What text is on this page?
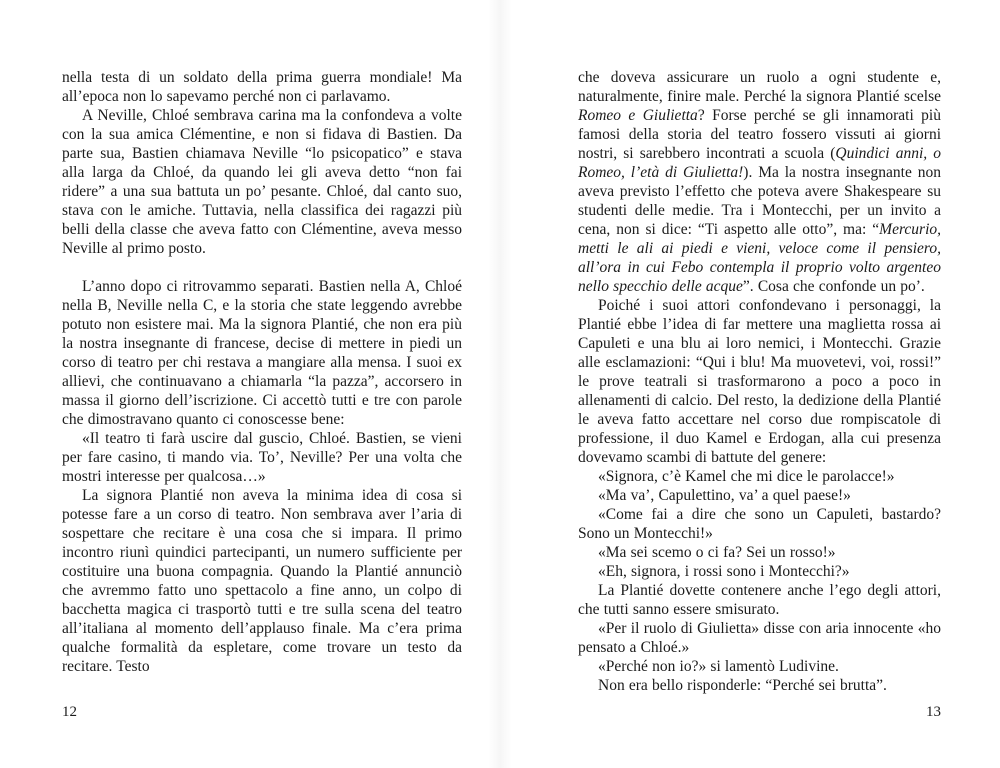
nella testa di un soldato della prima guerra mondiale! Ma all’epoca non lo sapevamo perché non ci parlavamo.

A Neville, Chloé sembrava carina ma la confondeva a volte con la sua amica Clémentine, e non si fidava di Bastien. Da parte sua, Bastien chiamava Neville “lo psicopatico” e stava alla larga da Chloé, da quando lei gli aveva detto “non fai ridere” a una sua battuta un po’ pesante. Chloé, dal canto suo, stava con le amiche. Tuttavia, nella classifica dei ragazzi più belli della classe che aveva fatto con Clémentine, aveva messo Neville al primo posto.

L’anno dopo ci ritrovammo separati. Bastien nella A, Chloé nella B, Neville nella C, e la storia che state leggendo avrebbe potuto non esistere mai. Ma la signora Plantié, che non era più la nostra insegnante di francese, decise di mettere in piedi un corso di teatro per chi restava a mangiare alla mensa. I suoi ex allievi, che continuavano a chiamarla “la pazza”, accorsero in massa il giorno dell’iscrizione. Ci accettò tutti e tre con parole che dimostravano quanto ci conoscesse bene:

«Il teatro ti farà uscire dal guscio, Chloé. Bastien, se vieni per fare casino, ti mando via. To’, Neville? Per una volta che mostri interesse per qualcosa…»

La signora Plantié non aveva la minima idea di cosa si potesse fare a un corso di teatro. Non sembrava aver l’aria di sospettare che recitare è una cosa che si impara. Il primo incontro riunì quindici partecipanti, un numero sufficiente per costituire una buona compagnia. Quando la Plantié annunciò che avremmo fatto uno spettacolo a fine anno, un colpo di bacchetta magica ci trasportò tutti e tre sulla scena del teatro all’italiana al momento dell’applauso finale. Ma c’era prima qualche formalità da espletare, come trovare un testo da recitare. Testo

12

che doveva assicurare un ruolo a ogni studente e, naturalmente, finire male. Perché la signora Plantié scelse Romeo e Giulietta? Forse perché se gli innamorati più famosi della storia del teatro fossero vissuti ai giorni nostri, si sarebbero incontrati a scuola (Quindici anni, o Romeo, l’età di Giulietta!). Ma la nostra insegnante non aveva previsto l’effetto che poteva avere Shakespeare su studenti delle medie. Tra i Montecchi, per un invito a cena, non si dice: “Ti aspetto alle otto”, ma: “Mercurio, metti le ali ai piedi e vieni, veloce come il pensiero, all’ora in cui Febo contempla il proprio volto argenteo nello specchio delle acque”. Cosa che confonde un po’.

Poiché i suoi attori confondevano i personaggi, la Plantié ebbe l’idea di far mettere una maglietta rossa ai Capuleti e una blu ai loro nemici, i Montecchi. Grazie alle esclamazioni: “Qui i blu! Ma muovetevi, voi, rossi!” le prove teatrali si trasformarono a poco a poco in allenamenti di calcio. Del resto, la dedizione della Plantié le aveva fatto accettare nel corso due rompiscatole di professione, il duo Kamel e Erdogan, alla cui presenza dovevamo scambi di battute del genere:

«Signora, c’è Kamel che mi dice le parolacce!»

«Ma va’, Capulettino, va’ a quel paese!»

«Come fai a dire che sono un Capuleti, bastardo? Sono un Montecchi!»

«Ma sei scemo o ci fa? Sei un rosso!»

«Eh, signora, i rossi sono i Montecchi?»

La Plantié dovette contenere anche l’ego degli attori, che tutti sanno essere smisurato.

«Per il ruolo di Giulietta» disse con aria innocente «ho pensato a Chloé.»

«Perché non io?» si lamentò Ludivine.

Non era bello risponderle: “Perché sei brutta”.

13
